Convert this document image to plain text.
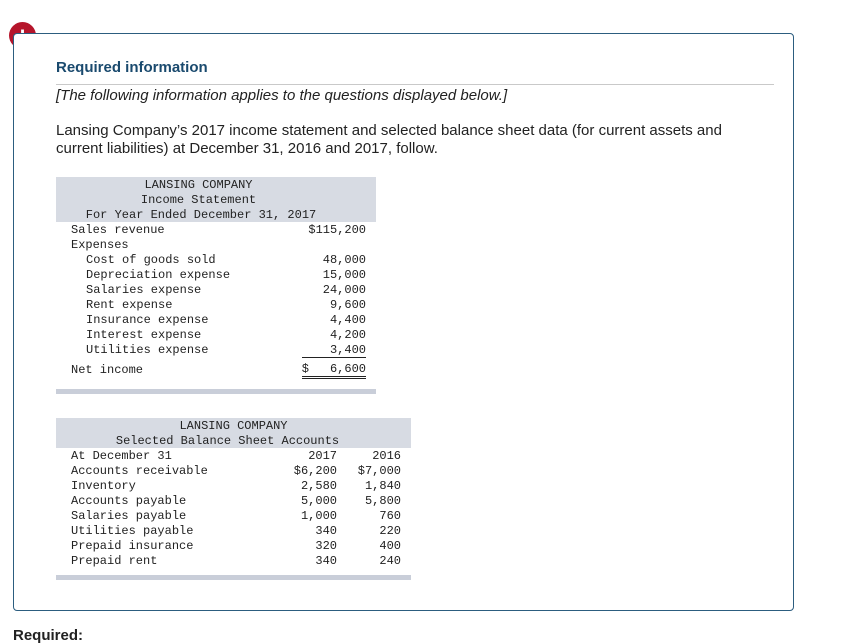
Required information
[The following information applies to the questions displayed below.]
Lansing Company’s 2017 income statement and selected balance sheet data (for current assets and current liabilities) at December 31, 2016 and 2017, follow.
LANSING COMPANY
Income Statement
For Year Ended December 31, 2017
Sales revenue	$115,200
Expenses
Cost of goods sold	48,000
Depreciation expense	15,000
Salaries expense	24,000
Rent expense	9,600
Insurance expense	4,400
Interest expense	4,200
Utilities expense	3,400
Net income	$ 6,600
LANSING COMPANY
Selected Balance Sheet Accounts
At December 31	2017	2016
Accounts receivable	$6,200 $7,000
Inventory	2,580 1,840
Accounts payable	5,000 5,800
Salaries payable	1,000	760
Utilities payable	340	220
Prepaid insurance	320	400
Prepaid rent	340	240
Required:
